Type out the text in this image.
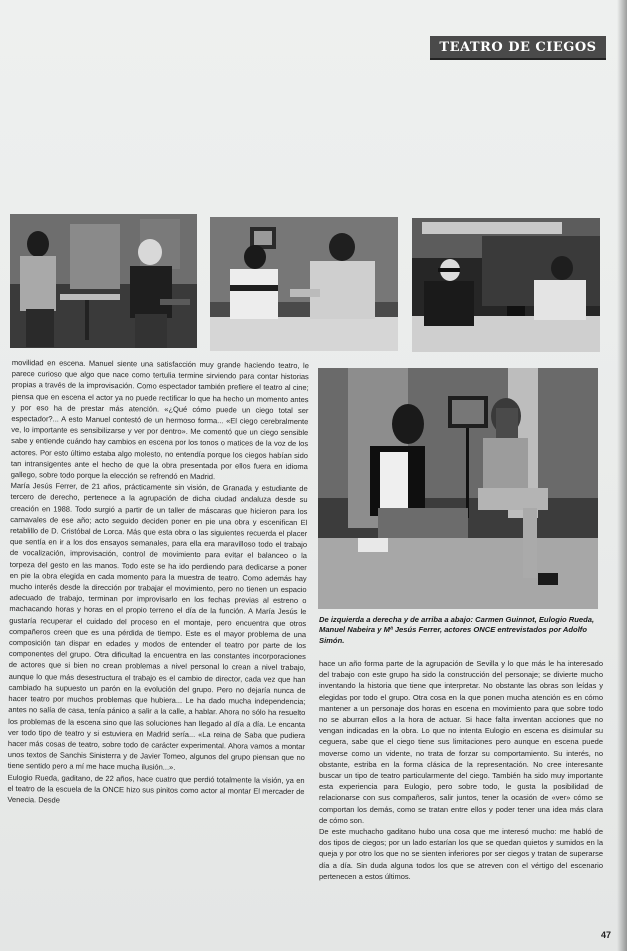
TEATRO DE CIEGOS
De izquierda a derecha y de arriba a abajo: Carmen Guinnot, Eulogio Rueda, Manuel Nabeira y Mª Jesús Ferrer, actores ONCE entrevistados por Adolfo Simón.
movilidad en escena. Manuel siente una satisfacción muy grande haciendo teatro, le parece curioso que algo que nace como tertulia termine sirviendo para contar historias propias a través de la improvisación. Como espectador también prefiere el teatro al cine; piensa que en escena el actor ya no puede rectificar lo que ha hecho un momento antes y por eso ha de prestar más atención. «¿Qué cómo puede un ciego total ser espectador?... A esto Manuel contestó de un hermoso forma... «El ciego cerebralmente ve, lo importante es sensibilizarse y ver por dentro». Me comentó que un ciego sensible sabe y entiende cuándo hay cambios en escena por los tonos o matices de la voz de los actores. Por esto último estaba algo molesto, no entendía porque los ciegos habían sido tan intransigentes ante el hecho de que la obra presentada por ellos fuera en idioma gallego, sobre todo porque la elección se refrendó en Madrid.
María Jesús Ferrer, de 21 años, prácticamente sin visión, de Granada y estudiante de tercero de derecho, pertenece a la agrupación de dicha ciudad andaluza desde su creación en 1988. Todo surgió a partir de un taller de máscaras que hicieron para los carnavales de ese año; acto seguido deciden poner en pie una obra y escenifican El retablillo de D. Cristóbal de Lorca. Más que esta obra o las siguientes recuerda el placer que sentía en ir a los dos ensayos semanales, para ella era maravilloso todo el trabajo de vocalización, improvisación, control de movimiento para evitar el balanceo o la torpeza del gesto en las manos. Todo este se ha ido perdiendo para dedicarse a poner en pie la obra elegida en cada momento para la muestra de teatro. Como además hay mucho interés desde la dirección por trabajar el movimiento, pero no tienen un espacio adecuado de trabajo, terminan por improvisarlo en los fechas previas al estreno o machacando horas y horas en el propio terreno el día de la función. A María Jesús le gustaría recuperar el cuidado del proceso en el montaje, pero encuentra que otros compañeros creen que es una pérdida de tiempo. Este es el mayor problema de una composición tan dispar en edades y modos de entender el teatro por parte de los componentes del grupo. Otra dificultad la encuentra en las constantes incorporaciones de actores que si bien no crean problemas a nivel personal lo crean a nivel trabajo, aunque lo que más desestructura el trabajo es el cambio de director, cada vez que han cambiado ha supuesto un parón en la evolución del grupo. Pero no dejaría nunca de hacer teatro por muchos problemas que hubiera... Le ha dado mucha independencia; antes no salía de casa, tenía pánico a salir a la calle, a hablar. Ahora no sólo ha resuelto los problemas de la escena sino que las soluciones han llegado al día a día. Le encanta ver todo tipo de teatro y si estuviera en Madrid sería... «La reina de Saba que pudiera hacer más cosas de teatro, sobre todo de carácter experimental. Ahora vamos a montar unos textos de Sanchis Sinisterra y de Javier Tomeo, algunos del grupo piensan que no tiene sentido pero a mí me hace mucha ilusión...».
Eulogio Rueda, gaditano, de 22 años, hace cuatro que perdió totalmente la visión, ya en el teatro de la escuela de la ONCE hizo sus pinitos como actor al montar El mercader de Venecia. Desde
hace un año forma parte de la agrupación de Sevilla y lo que más le ha interesado del trabajo con este grupo ha sido la construcción del personaje; se divierte mucho inventando la historia que tiene que interpretar. No obstante las obras son leídas y elegidas por todo el grupo. Otra cosa en la que ponen mucha atención es en cómo mantener a un personaje dos horas en escena en movimiento para que sobre todo no se aburran ellos a la hora de actuar. Si hace falta inventan acciones que no vengan indicadas en la obra. Lo que no intenta Eulogio en escena es disimular su ceguera, sabe que el ciego tiene sus limitaciones pero aunque en escena puede moverse como un vidente, no trata de forzar su comportamiento. Su interés, no obstante, estriba en la forma clásica de la representación. No cree interesante buscar un tipo de teatro particularmente del ciego. También ha sido muy importante esta experiencia para Eulogio, pero sobre todo, le gusta la posibilidad de relacionarse con sus compañeros, salir juntos, tener la ocasión de «ver» cómo se comportan los demás, como se tratan entre ellos y poder tener una idea más clara de cómo son.
De este muchacho gaditano hubo una cosa que me interesó mucho: me habló de dos tipos de ciegos; por un lado estarían los que se quedan quietos y sumidos en la queja y por otro los que no se sienten inferiores por ser ciegos y tratan de superarse día a día. Sin duda alguna todos los que se atreven con el vértigo del escenario pertenecen a estos últimos.
47
